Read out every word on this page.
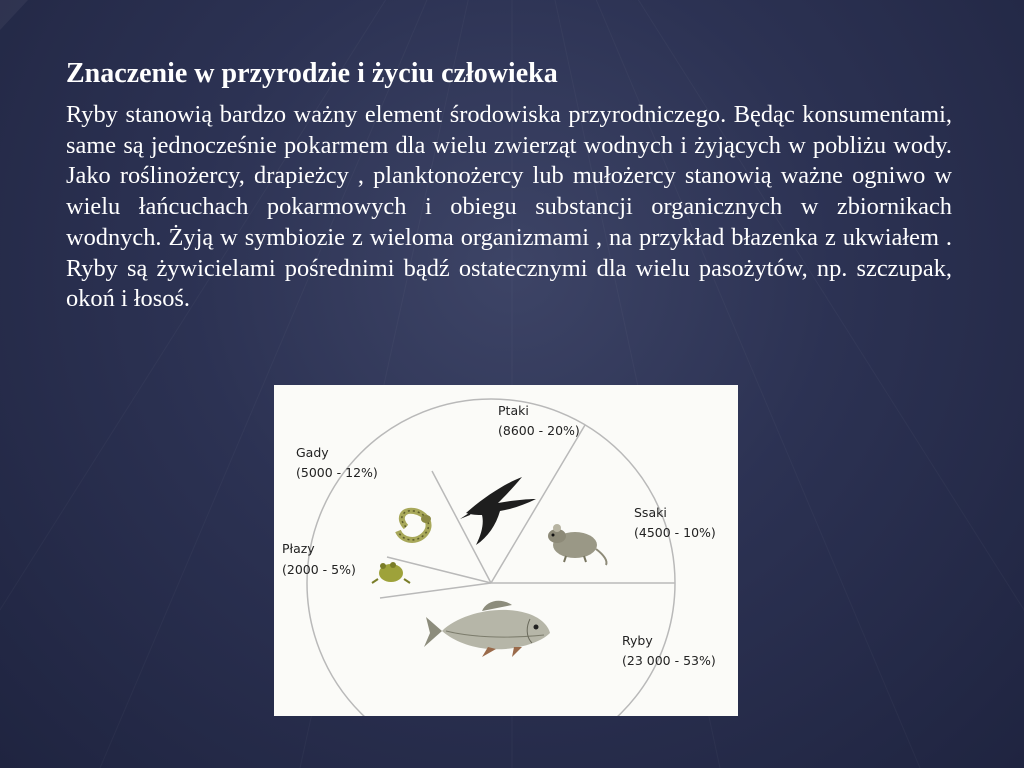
Znaczenie w przyrodzie i życiu człowieka

Ryby stanowią bardzo ważny element środowiska przyrodniczego. Będąc konsumentami, same są jednocześnie pokarmem dla wielu zwierząt wodnych i żyjących w pobliżu wody. Jako roślinożercy, drapieżcy , planktonożercy lub mułożercy stanowią ważne ogniwo w wielu łańcuchach pokarmowych i obiegu substancji organicznych w zbiornikach wodnych. Żyją w symbiozie z wieloma organizmami , na przykład błazenka z ukwiałem . Ryby są żywicielami pośrednimi bądź ostatecznymi dla wielu pasożytów, np. szczupak, okoń i łosoś.

Ptaki
(8600 - 20%)
Ssaki
(4500 - 10%)
Ryby
(23 000 - 53%)
Płazy
(2000 - 5%)
Gady
(5000 - 12%)
